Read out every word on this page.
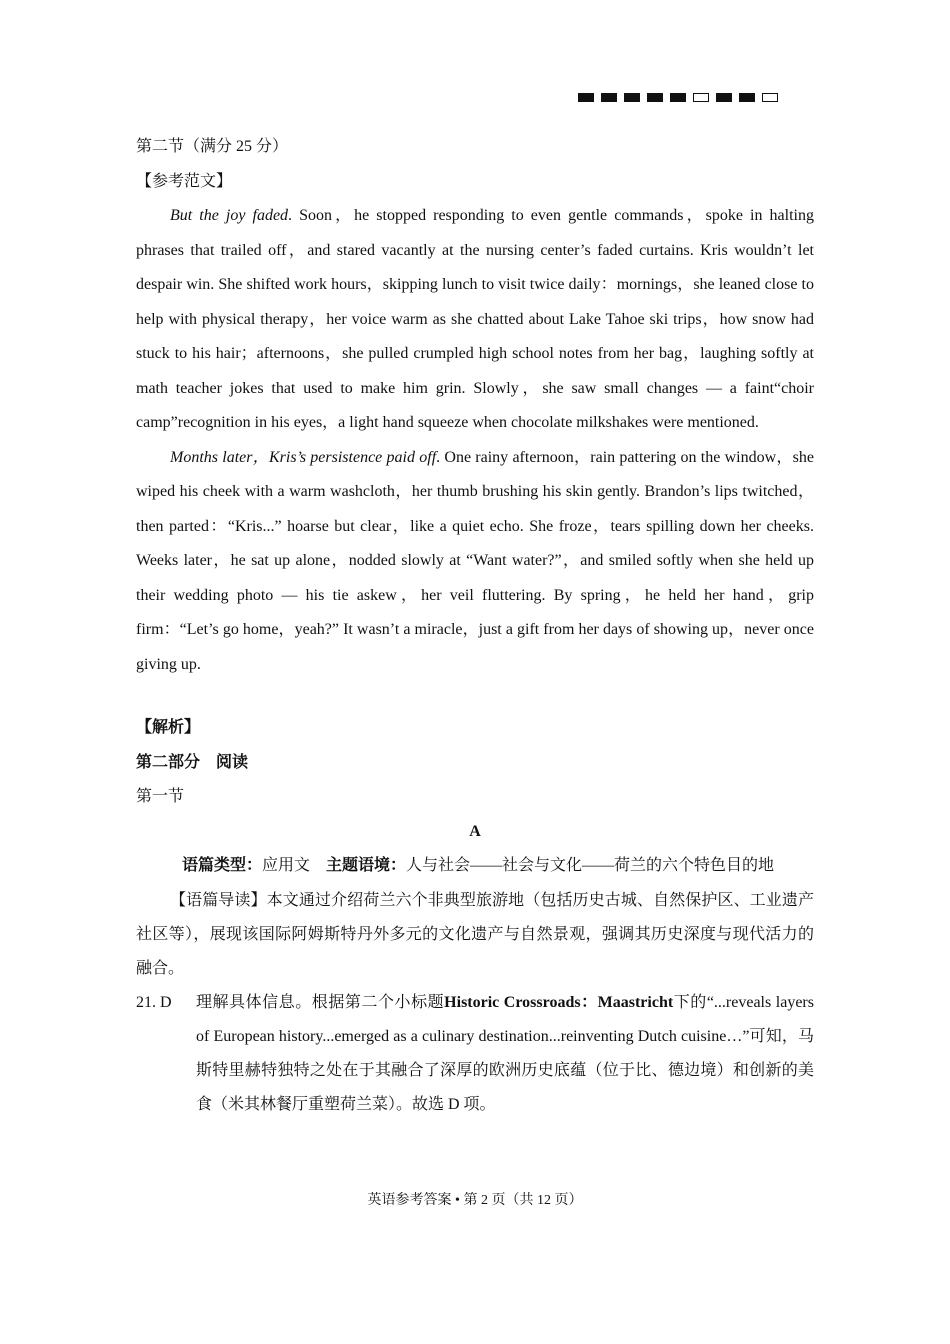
第二节（满分 25 分）

【参考范文】

But the joy faded. Soon，he stopped responding to even gentle commands，spoke in halting phrases that trailed off，and stared vacantly at the nursing center’s faded curtains. Kris wouldn’t let despair win. She shifted work hours，skipping lunch to visit twice daily：mornings，she leaned close to help with physical therapy，her voice warm as she chatted about Lake Tahoe ski trips，how snow had stuck to his hair；afternoons，she pulled crumpled high school notes from her bag，laughing softly at math teacher jokes that used to make him grin. Slowly，she saw small changes — a faint“choir camp”recognition in his eyes，a light hand squeeze when chocolate milkshakes were mentioned.

Months later，Kris’s persistence paid off. One rainy afternoon，rain pattering on the window，she wiped his cheek with a warm washcloth，her thumb brushing his skin gently. Brandon’s lips twitched，then parted：“Kris...” hoarse but clear，like a quiet echo. She froze，tears spilling down her cheeks. Weeks later，he sat up alone，nodded slowly at “Want water?”，and smiled softly when she held up their wedding photo — his tie askew，her veil fluttering. By spring，he held her hand，grip firm：“Let’s go home，yeah?” It wasn’t a miracle，just a gift from her days of showing up，never once giving up.

【解析】

第二部分　阅读

第一节

A

语篇类型：应用文　主题语境：人与社会——社会与文化——荷兰的六个特色目的地

【语篇导读】本文通过介绍荷兰六个非典型旅游地（包括历史古城、自然保护区、工业遗产社区等），展现该国际阿姆斯特丹外多元的文化遗产与自然景观，强调其历史深度与现代活力的融合。

21. D	理解具体信息。根据第二个小标题Historic Crossroads：Maastricht下的“...reveals layers of European history...emerged as a culinary destination...reinventing Dutch cuisine…”可知，马斯特里赫特独特之处在于其融合了深厚的欧洲历史底蕴（位于比、德边境）和创新的美食（米其林餐厅重塑荷兰菜）。故选 D 项。
英语参考答案 • 第 2 页（共 12 页）
